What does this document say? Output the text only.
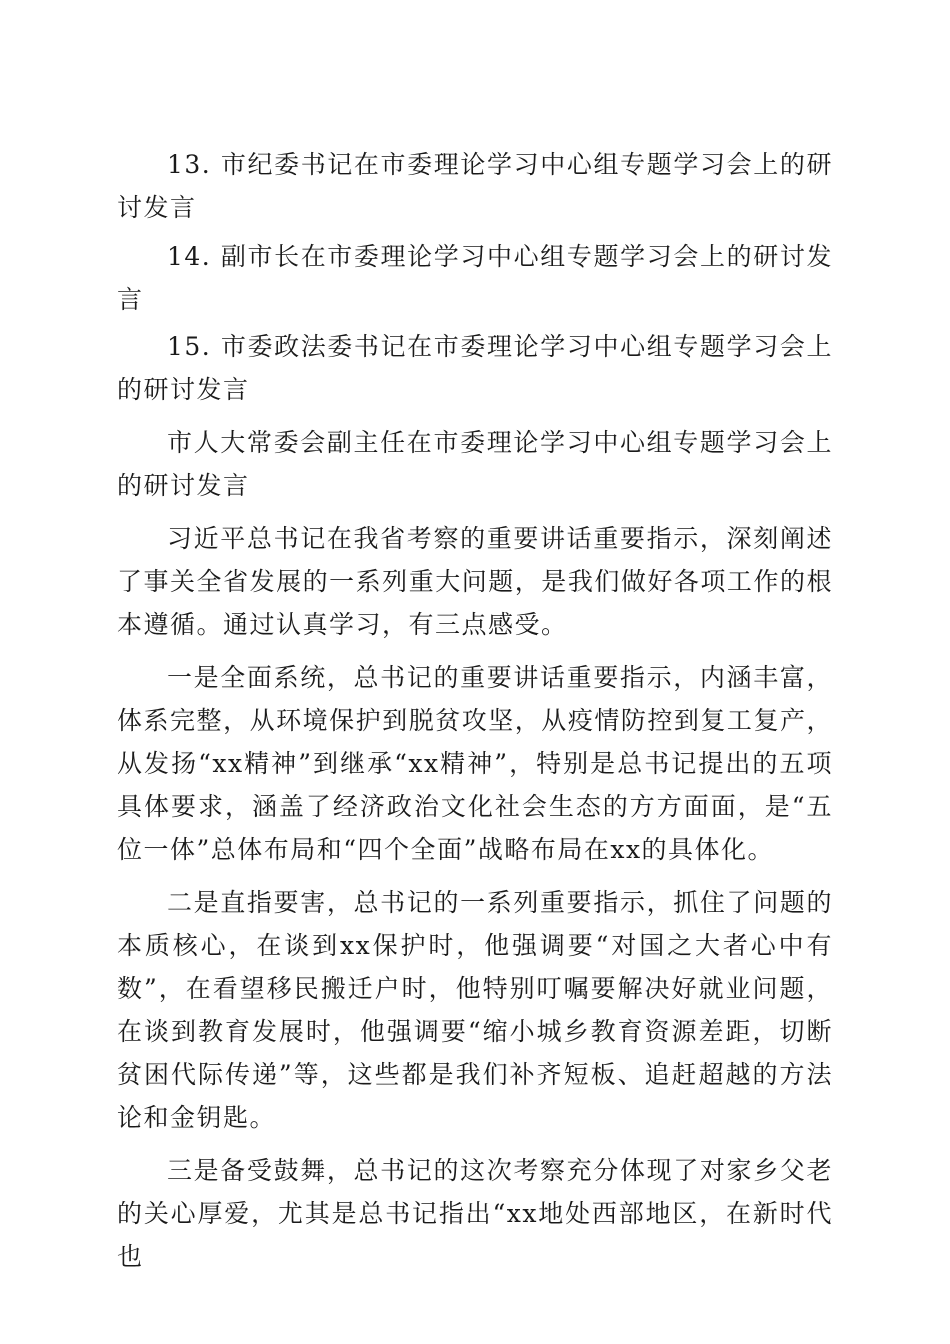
13. 市纪委书记在市委理论学习中心组专题学习会上的研讨发言

14. 副市长在市委理论学习中心组专题学习会上的研讨发言

15. 市委政法委书记在市委理论学习中心组专题学习会上的研讨发言

市人大常委会副主任在市委理论学习中心组专题学习会上的研讨发言

习近平总书记在我省考察的重要讲话重要指示，深刻阐述了事关全省发展的一系列重大问题，是我们做好各项工作的根本遵循。通过认真学习，有三点感受。

一是全面系统，总书记的重要讲话重要指示，内涵丰富，体系完整，从环境保护到脱贫攻坚，从疫情防控到复工复产，从发扬“xx精神”到继承“xx精神”，特别是总书记提出的五项具体要求，涵盖了经济政治文化社会生态的方方面面，是“五位一体”总体布局和“四个全面”战略布局在xx的具体化。

二是直指要害，总书记的一系列重要指示，抓住了问题的本质核心，在谈到xx保护时，他强调要“对国之大者心中有数”，在看望移民搬迁户时，他特别叮嘱要解决好就业问题，在谈到教育发展时，他强调要“缩小城乡教育资源差距，切断贫困代际传递”等，这些都是我们补齐短板、追赶超越的方法论和金钥匙。

三是备受鼓舞，总书记的这次考察充分体现了对家乡父老的关心厚爱，尤其是总书记指出“xx地处西部地区，在新时代也
